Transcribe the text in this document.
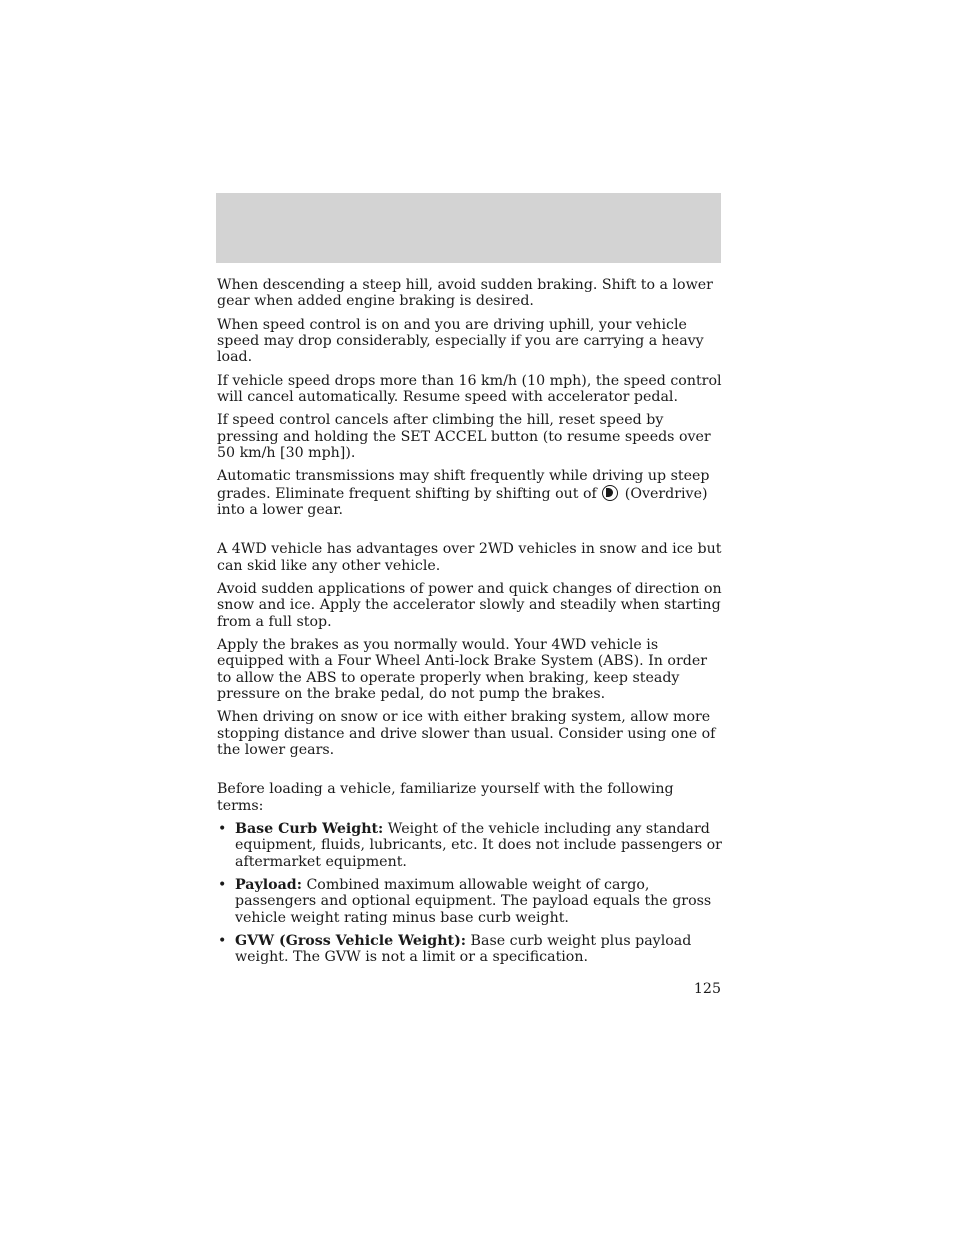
When descending a steep hill, avoid sudden braking. Shift to a lower gear when added engine braking is desired.

When speed control is on and you are driving uphill, your vehicle speed may drop considerably, especially if you are carrying a heavy load.

If vehicle speed drops more than 16 km/h (10 mph), the speed control will cancel automatically. Resume speed with accelerator pedal.

If speed control cancels after climbing the hill, reset speed by pressing and holding the SET ACCEL button (to resume speeds over 50 km/h [30 mph]).

Automatic transmissions may shift frequently while driving up steep grades. Eliminate frequent shifting by shifting out of  (Overdrive) into a lower gear.

A 4WD vehicle has advantages over 2WD vehicles in snow and ice but can skid like any other vehicle.

Avoid sudden applications of power and quick changes of direction on snow and ice. Apply the accelerator slowly and steadily when starting from a full stop.

Apply the brakes as you normally would. Your 4WD vehicle is equipped with a Four Wheel Anti-lock Brake System (ABS). In order to allow the ABS to operate properly when braking, keep steady pressure on the brake pedal, do not pump the brakes.

When driving on snow or ice with either braking system, allow more stopping distance and drive slower than usual. Consider using one of the lower gears.

Before loading a vehicle, familiarize yourself with the following terms:

• Base Curb Weight: Weight of the vehicle including any standard equipment, fluids, lubricants, etc. It does not include passengers or aftermarket equipment.
• Payload: Combined maximum allowable weight of cargo, passengers and optional equipment. The payload equals the gross vehicle weight rating minus base curb weight.
• GVW (Gross Vehicle Weight): Base curb weight plus payload weight. The GVW is not a limit or a specification.
125
